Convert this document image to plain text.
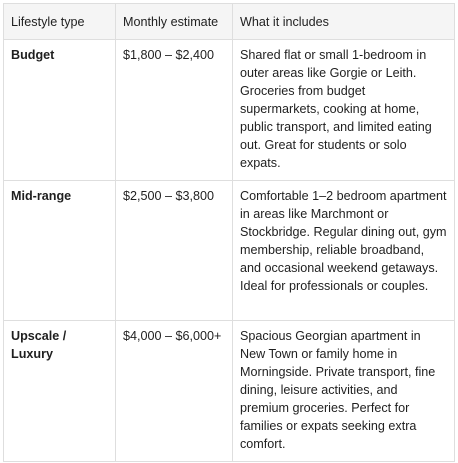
Lifestyle type	Monthly estimate	What it includes
Budget	$1,800 – $2,400	Shared flat or small 1-bedroom in outer areas like Gorgie or Leith. Groceries from budget supermarkets, cooking at home, public transport, and limited eating out. Great for students or solo expats.
Mid-range	$2,500 – $3,800	Comfortable 1–2 bedroom apartment in areas like Marchmont or Stockbridge. Regular dining out, gym membership, reliable broadband, and occasional weekend getaways. Ideal for professionals or couples.
Upscale / Luxury	$4,000 – $6,000+	Spacious Georgian apartment in New Town or family home in Morningside. Private transport, fine dining, leisure activities, and premium groceries. Perfect for families or expats seeking extra comfort.
